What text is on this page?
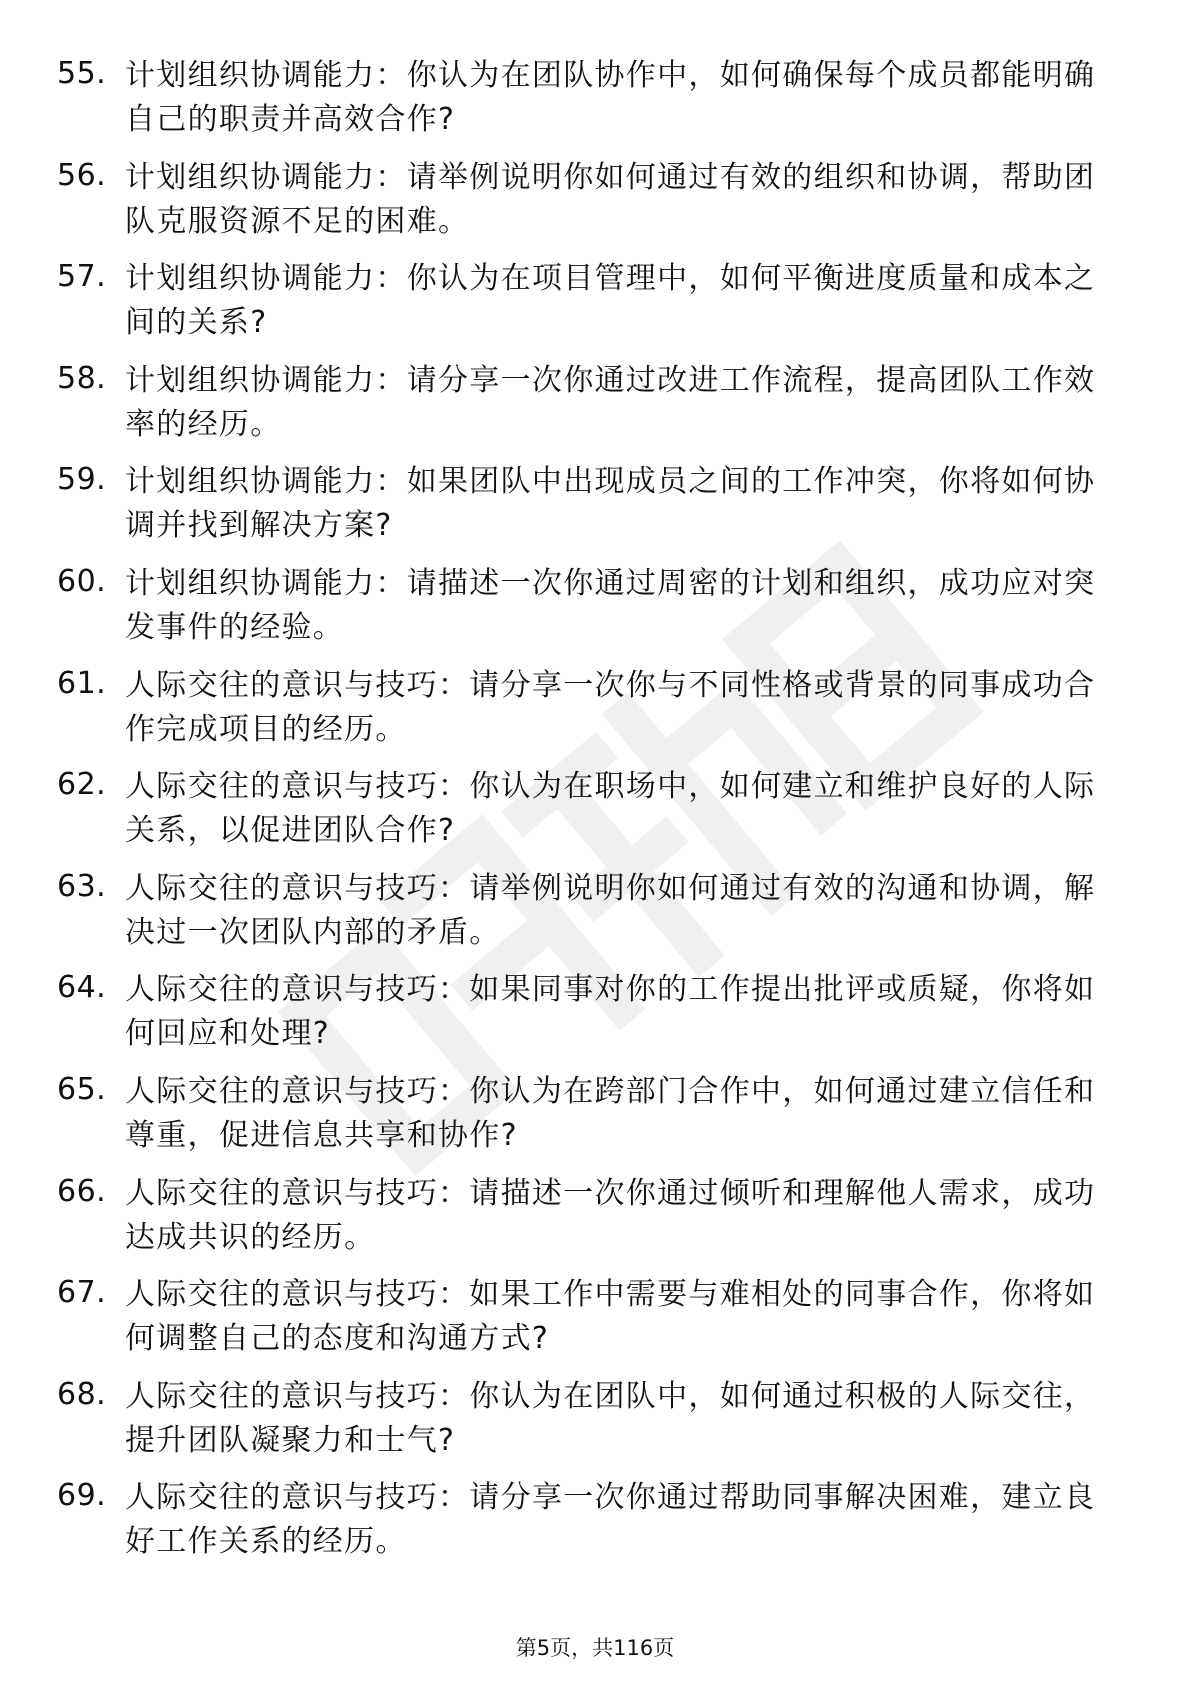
55. 计划组织协调能力：你认为在团队协作中，如何确保每个成员都能明确自己的职责并高效合作?
56. 计划组织协调能力：请举例说明你如何通过有效的组织和协调，帮助团队克服资源不足的困难。
57. 计划组织协调能力：你认为在项目管理中，如何平衡进度质量和成本之间的关系?
58. 计划组织协调能力：请分享一次你通过改进工作流程，提高团队工作效率的经历。
59. 计划组织协调能力：如果团队中出现成员之间的工作冲突，你将如何协调并找到解决方案?
60. 计划组织协调能力：请描述一次你通过周密的计划和组织，成功应对突发事件的经验。
61. 人际交往的意识与技巧：请分享一次你与不同性格或背景的同事成功合作完成项目的经历。
62. 人际交往的意识与技巧：你认为在职场中，如何建立和维护良好的人际关系，以促进团队合作?
63. 人际交往的意识与技巧：请举例说明你如何通过有效的沟通和协调，解决过一次团队内部的矛盾。
64. 人际交往的意识与技巧：如果同事对你的工作提出批评或质疑，你将如何回应和处理?
65. 人际交往的意识与技巧：你认为在跨部门合作中，如何通过建立信任和尊重，促进信息共享和协作?
66. 人际交往的意识与技巧：请描述一次你通过倾听和理解他人需求，成功达成共识的经历。
67. 人际交往的意识与技巧：如果工作中需要与难相处的同事合作，你将如何调整自己的态度和沟通方式?
68. 人际交往的意识与技巧：你认为在团队中，如何通过积极的人际交往，提升团队凝聚力和士气?
69. 人际交往的意识与技巧：请分享一次你通过帮助同事解决困难，建立良好工作关系的经历。
第5页，共116页
